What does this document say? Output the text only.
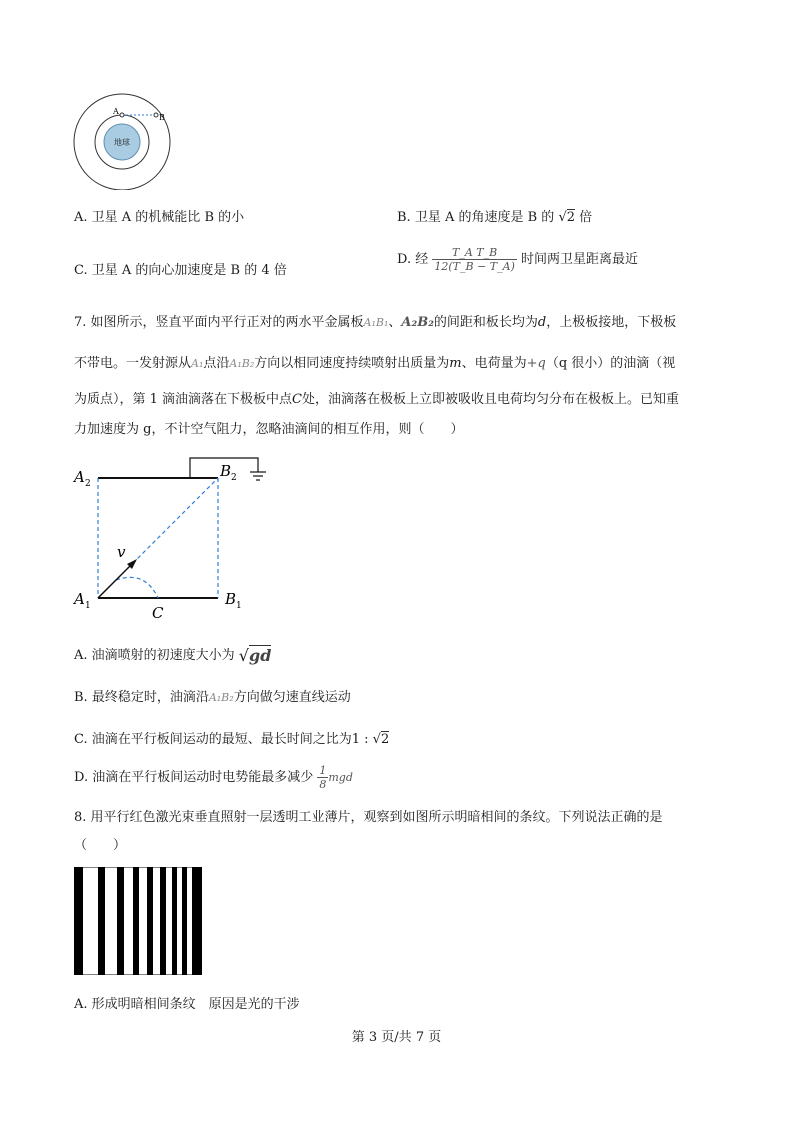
地球
A
B
A. 卫星 A 的机械能比 B 的小	B. 卫星 A 的角速度是 B 的 √2 倍
C. 卫星 A 的向心加速度是 B 的 4 倍
D. 经 $\frac{\text{T\_A T\_B}}{12(T\_B - T\_A)}$ 时间两卫星距离最近
7. 如图所示，竖直平面内平行正对的两水平金属板A₁B₁、A₂B₂的间距和板长均为d，上极板接地，下极板
不带电。一发射源从A₁点沿A₁B₂方向以相同速度持续喷射出质量为m、电荷量为+q（q 很小）的油滴（视
为质点），第 1 滴油滴落在下极板中点C处，油滴落在极板上立即被吸收且电荷均匀分布在极板上。已知重
力加速度为 g，不计空气阻力，忽略油滴间的相互作用，则（　　）
A 2
B 2
A 1	B 1
v
C
A. 油滴喷射的初速度大小为 √gd
B. 最终稳定时，油滴沿A₁B₂方向做匀速直线运动
C. 油滴在平行板间运动的最短、最长时间之比为1 : √2
D. 油滴在平行板间运动时电势能最多减少 $\frac{1}{8}$ mgd
8. 用平行红色激光束垂直照射一层透明工业薄片，观察到如图所示明暗相间的条纹。下列说法正确的是
（　　）
A. 形成明暗相间条纹　原因是光的干涉
第 3 页/共 7 页
